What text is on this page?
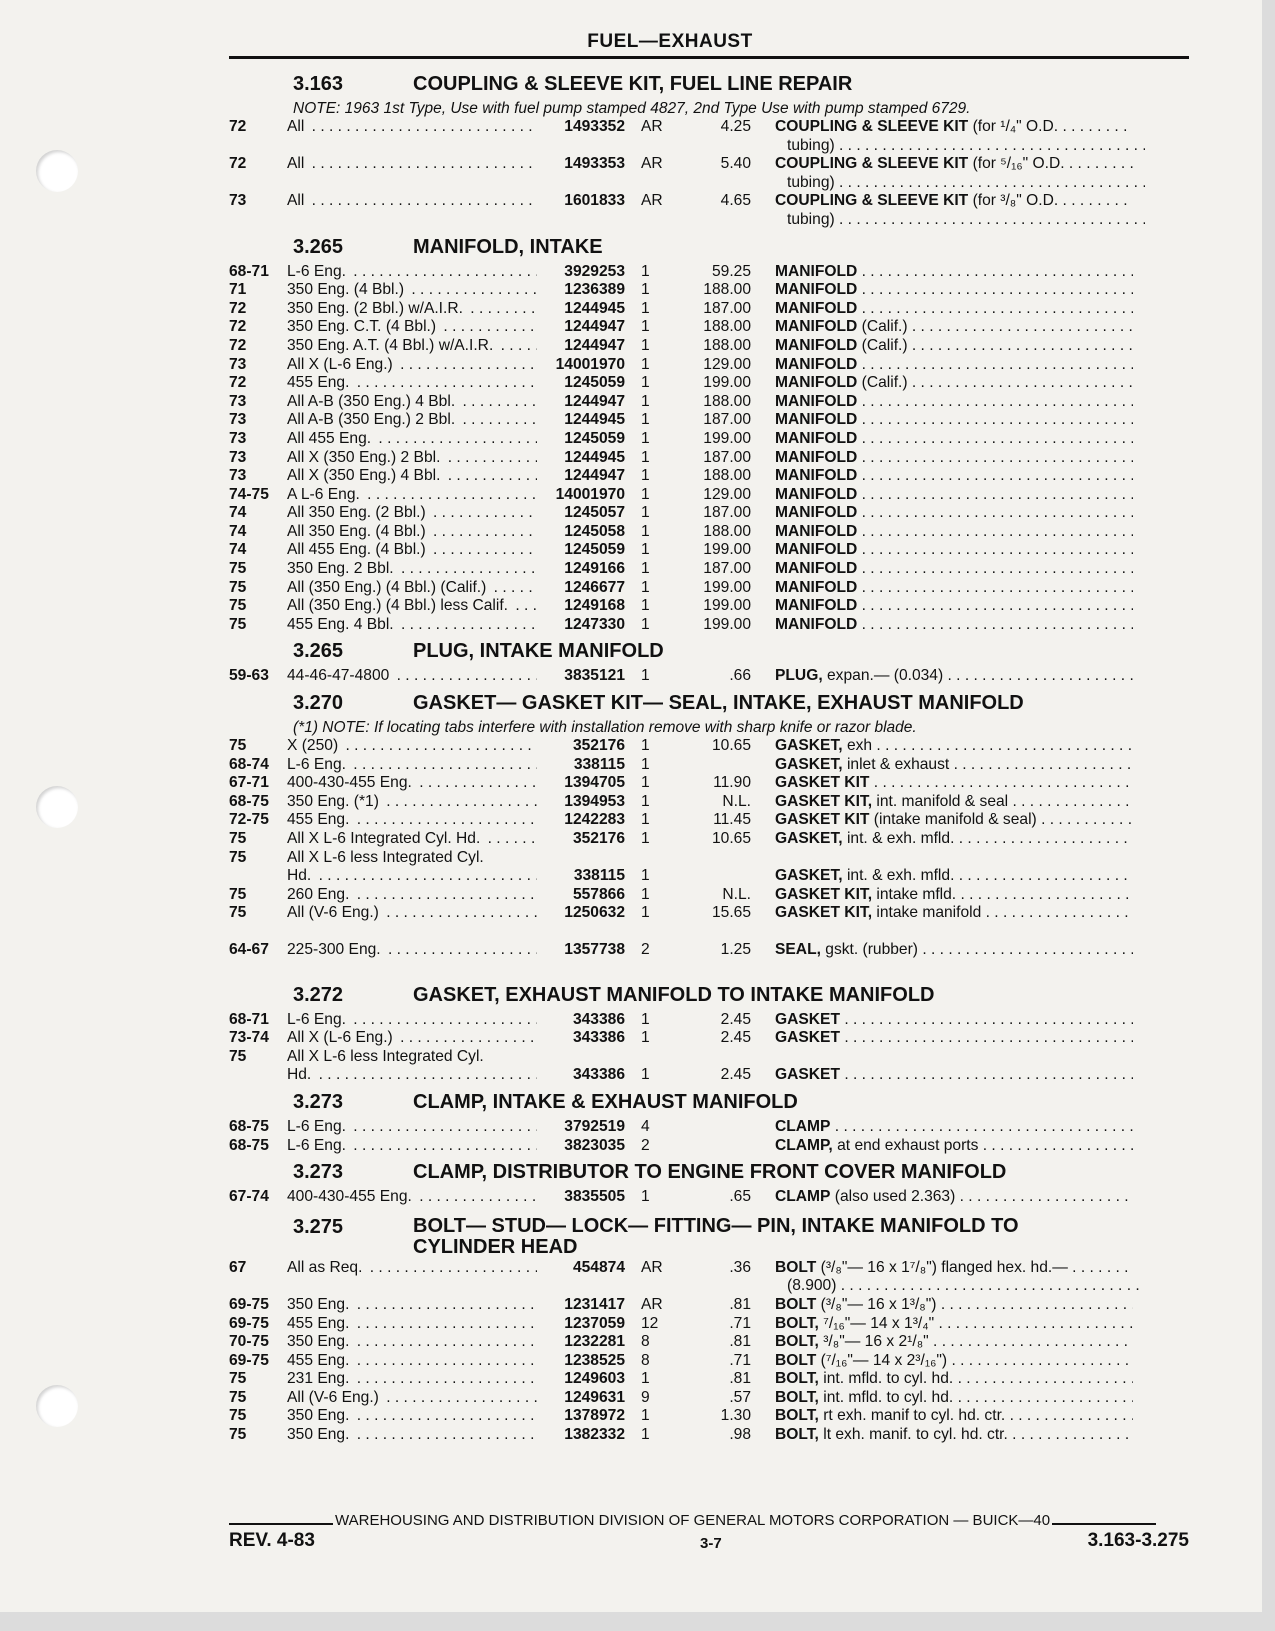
FUEL—EXHAUST
3.163	COUPLING & SLEEVE KIT, FUEL LINE REPAIR
NOTE: 1963 1st Type, Use with fuel pump stamped 4827, 2nd Type Use with pump stamped 6729.
72	All . . .	1493352	AR	4.25	COUPLING & SLEEVE KIT (for ¹/₄" O.D. . . .
tubing) . . .
72	All . . .	1493353	AR	5.40	COUPLING & SLEEVE KIT (for ⁵/₁₆" O.D. . . .
tubing) . . .
73	All . . .	1601833	AR	4.65	COUPLING & SLEEVE KIT (for ³/₈" O.D. . . .
tubing) . . .
3.265	MANIFOLD, INTAKE
68-71	L-6 Eng. . . .	3929253	1	59.25	MANIFOLD . . .
71	350 Eng. (4 Bbl.) . . .	1236389	1	188.00	MANIFOLD . . .
72	350 Eng. (2 Bbl.) w/A.I.R. . . .	1244945	1	187.00	MANIFOLD . . .
72	350 Eng. C.T. (4 Bbl.) . . .	1244947	1	188.00	MANIFOLD (Calif.) . . .
72	350 Eng. A.T. (4 Bbl.) w/A.I.R. . . .	1244947	1	188.00	MANIFOLD (Calif.) . . .
73	All X (L-6 Eng.) . . .	14001970	1	129.00	MANIFOLD . . .
72	455 Eng. . . .	1245059	1	199.00	MANIFOLD (Calif.) . . .
73	All A-B (350 Eng.) 4 Bbl. . . .	1244947	1	188.00	MANIFOLD . . .
73	All A-B (350 Eng.) 2 Bbl. . . .	1244945	1	187.00	MANIFOLD . . .
73	All 455 Eng. . . .	1245059	1	199.00	MANIFOLD . . .
73	All X (350 Eng.) 2 Bbl. . . .	1244945	1	187.00	MANIFOLD . . .
73	All X (350 Eng.) 4 Bbl. . . .	1244947	1	188.00	MANIFOLD . . .
74-75	A L-6 Eng. . . .	14001970	1	129.00	MANIFOLD . . .
74	All 350 Eng. (2 Bbl.) . . .	1245057	1	187.00	MANIFOLD . . .
74	All 350 Eng. (4 Bbl.) . . .	1245058	1	188.00	MANIFOLD . . .
74	All 455 Eng. (4 Bbl.) . . .	1245059	1	199.00	MANIFOLD . . .
75	350 Eng. 2 Bbl. . . .	1249166	1	187.00	MANIFOLD . . .
75	All (350 Eng.) (4 Bbl.) (Calif.) . . .	1246677	1	199.00	MANIFOLD . . .
75	All (350 Eng.) (4 Bbl.) less Calif. . . .	1249168	1	199.00	MANIFOLD . . .
75	455 Eng. 4 Bbl. . . .	1247330	1	199.00	MANIFOLD . . .
3.265	PLUG, INTAKE MANIFOLD
59-63	44-46-47-4800 . . .	3835121	1	.66	PLUG, expan.— (0.034) . . .
3.270	GASKET— GASKET KIT— SEAL, INTAKE, EXHAUST MANIFOLD
(*1) NOTE: If locating tabs interfere with installation remove with sharp knife or razor blade.
75	X (250) . . .	352176	1	10.65	GASKET, exh . . .
68-74	L-6 Eng. . . .	338115	1	GASKET, inlet & exhaust . . .
67-71	400-430-455 Eng. . . .	1394705	1	11.90	GASKET KIT . . .
68-75	350 Eng. (*1) . . .	1394953	1	N.L.	GASKET KIT, int. manifold & seal . . .
72-75	455 Eng. . . .	1242283	1	11.45	GASKET KIT (intake manifold & seal) . . .
75	All X L-6 Integrated Cyl. Hd. . . .	352176	1	10.65	GASKET, int. & exh. mfld. . . .
75	All X L-6 less Integrated Cyl.
Hd. . . .	338115	1	GASKET, int. & exh. mfld. . . .
75	260 Eng. . . .	557866	1	N.L.	GASKET KIT, intake mfld. . . .
75	All (V-6 Eng.) . . .	1250632	1	15.65	GASKET KIT, intake manifold . . .
64-67	225-300 Eng. . . .	1357738	2	1.25	SEAL, gskt. (rubber) . . .
3.272	GASKET, EXHAUST MANIFOLD TO INTAKE MANIFOLD
68-71	L-6 Eng. . . .	343386	1	2.45	GASKET . . .
73-74	All X (L-6 Eng.) . . .	343386	1	2.45	GASKET . . .
75	All X L-6 less Integrated Cyl.
Hd. . . .	343386	1	2.45	GASKET . . .
3.273	CLAMP, INTAKE & EXHAUST MANIFOLD
68-75	L-6 Eng. . . .	3792519	4	CLAMP . . .
68-75	L-6 Eng. . . .	3823035	2	CLAMP, at end exhaust ports . . .
3.273	CLAMP, DISTRIBUTOR TO ENGINE FRONT COVER MANIFOLD
67-74	400-430-455 Eng. . . .	3835505	1	.65	CLAMP (also used 2.363) . . .
3.275	BOLT— STUD— LOCK— FITTING— PIN, INTAKE MANIFOLD TO CYLINDER HEAD
67	All as Req. . . .	454874	AR	.36	BOLT (³/₈"— 16 x 1⁷/₈") flanged hex. hd.— . . .
(8.900) . . .
69-75	350 Eng. . . .	1231417	AR	.81	BOLT (³/₈"— 16 x 1³/₈") . . .
69-75	455 Eng. . . .	1237059	12	.71	BOLT, ⁷/₁₆"— 14 x 1³/₄" . . .
70-75	350 Eng. . . .	1232281	8	.81	BOLT, ³/₈"— 16 x 2¹/₈" . . .
69-75	455 Eng. . . .	1238525	8	.71	BOLT (⁷/₁₆"— 14 x 2³/₁₆") . . .
75	231 Eng. . . .	1249603	1	.81	BOLT, int. mfld. to cyl. hd. . . .
75	All (V-6 Eng.) . . .	1249631	9	.57	BOLT, int. mfld. to cyl. hd. . . .
75	350 Eng. . . .	1378972	1	1.30	BOLT, rt exh. manif to cyl. hd. ctr. . . .
75	350 Eng. . . .	1382332	1	.98	BOLT, lt exh. manif. to cyl. hd. ctr. . . .
WAREHOUSING AND DISTRIBUTION DIVISION OF GENERAL MOTORS CORPORATION — BUICK—40
REV. 4-83	3-7	3.163-3.275
